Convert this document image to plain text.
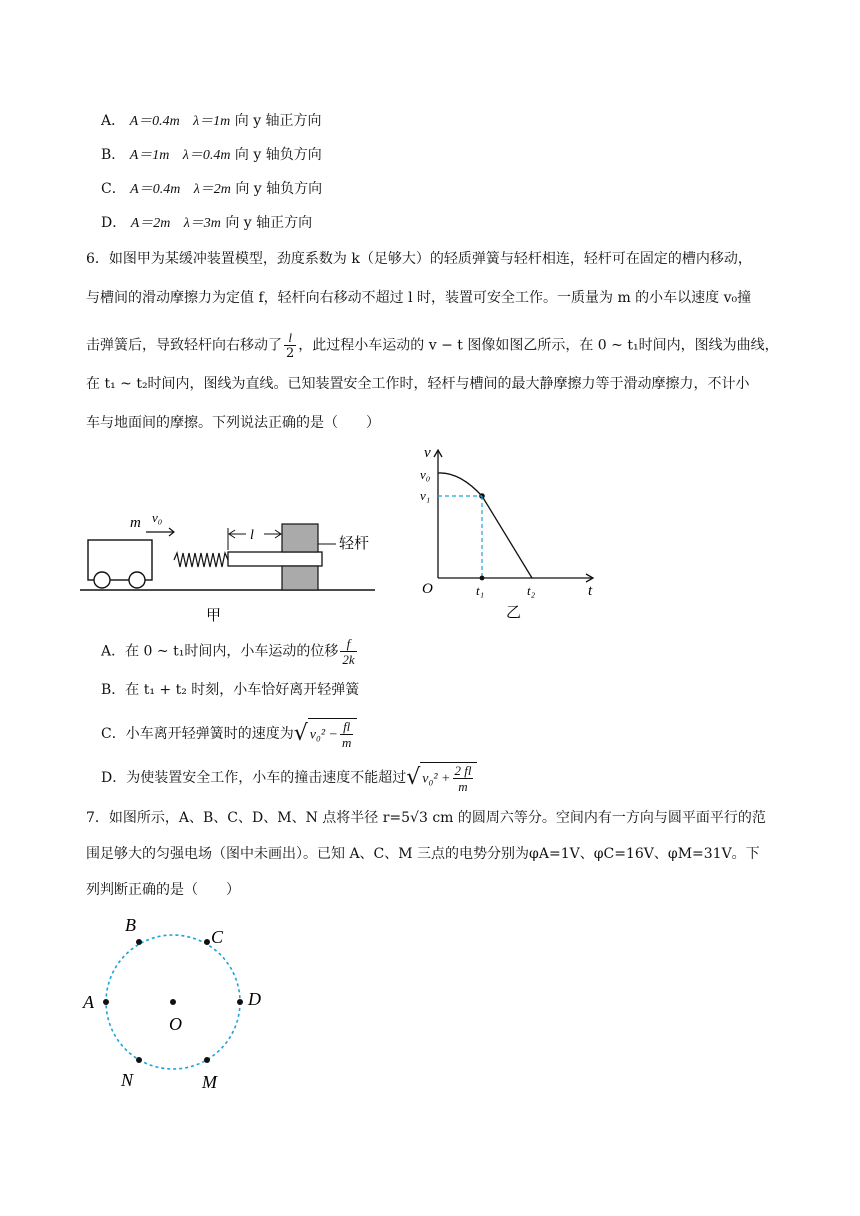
A． A＝0.4m λ＝1m 向 y 轴正方向
B． A＝1m λ＝0.4m 向 y 轴负方向
C． A＝0.4m λ＝2m 向 y 轴负方向
D． A＝2m λ＝3m 向 y 轴正方向
6．如图甲为某缓冲装置模型，劲度系数为 k（足够大）的轻质弹簧与轻杆相连，轻杆可在固定的槽内移动，
与槽间的滑动摩擦力为定值 f，轻杆向右移动不超过 l 时，装置可安全工作。一质量为 m 的小车以速度 v₀撞
击弹簧后，导致轻杆向右移动了 $\frac{l}{2}$ ，此过程小车运动的 v − t 图像如图乙所示，在 0 ~ t₁时间内，图线为曲线，
在 t₁ ~ t₂时间内，图线为直线。已知装置安全工作时，轻杆与槽间的最大静摩擦力等于滑动摩擦力，不计小
车与地面间的摩擦。下列说法正确的是（　　）
m v₀
l
轻杆
甲
v
t
O
v₀
v₁
t₁	t₂
乙
A．在 0 ~ t₁时间内，小车运动的位移 $\frac{f}{2k}$
B．在 t₁ + t₂ 时刻，小车恰好离开轻弹簧
C．小车离开轻弹簧时的速度为√ $v_0^2 - \frac{fl}{m}$
D．为使装置安全工作，小车的撞击速度不能超过√ $v_0^2 + \frac{2 fl}{m}$
7．如图所示，A、B、C、D、M、N 点将半径 r=5√3 cm 的圆周六等分。空间内有一方向与圆平面平行的范
围足够大的匀强电场（图中未画出）。已知 A、C、M 三点的电势分别为φA=1V、φC=16V、φM=31V。下
列判断正确的是（　　）
A
B
C
D
M
N
O
